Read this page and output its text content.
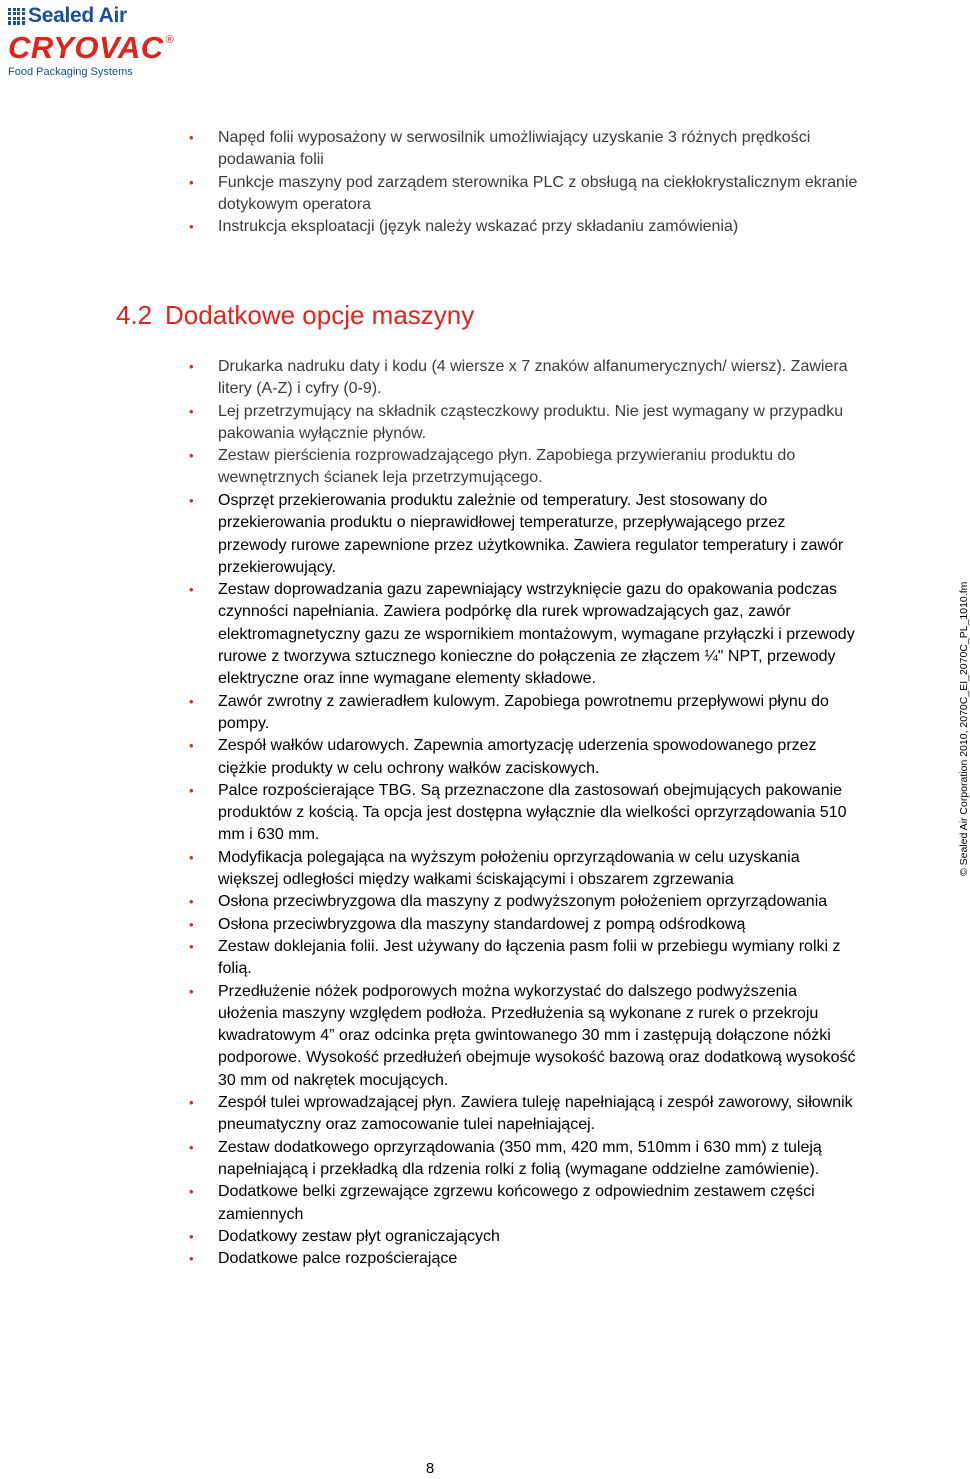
Sealed Air
CRYOVAC ®
Food Packaging Systems
• Napęd folii wyposażony w serwosilnik umożliwiający uzyskanie 3 różnych prędkości podawania folii
• Funkcje maszyny pod zarządem sterownika PLC z obsługą na ciekłokrystalicznym ekranie dotykowym operatora
• Instrukcja eksploatacji (język należy wskazać przy składaniu zamówienia)
4.2 Dodatkowe opcje maszyny
• Drukarka nadruku daty i kodu (4 wiersze x 7 znaków alfanumerycznych/ wiersz). Zawiera litery (A-Z) i cyfry (0-9).
• Lej przetrzymujący na składnik cząsteczkowy produktu. Nie jest wymagany w przypadku pakowania wyłącznie płynów.
• Zestaw pierścienia rozprowadzającego płyn. Zapobiega przywieraniu produktu do wewnętrznych ścianek leja przetrzymującego.
• Osprzęt przekierowania produktu zależnie od temperatury. Jest stosowany do przekierowania produktu o nieprawidłowej temperaturze, przepływającego przez przewody rurowe zapewnione przez użytkownika. Zawiera regulator temperatury i zawór przekierowujący.
• Zestaw doprowadzania gazu zapewniający wstrzyknięcie gazu do opakowania podczas czynności napełniania. Zawiera podpórkę dla rurek wprowadzających gaz, zawór elektromagnetyczny gazu ze wspornikiem montażowym, wymagane przyłączki i przewody rurowe z tworzywa sztucznego konieczne do połączenia ze złączem ¼" NPT, przewody elektryczne oraz inne wymagane elementy składowe.
• Zawór zwrotny z zawieradłem kulowym. Zapobiega powrotnemu przepływowi płynu do pompy.
• Zespół wałków udarowych. Zapewnia amortyzację uderzenia spowodowanego przez ciężkie produkty w celu ochrony wałków zaciskowych.
• Palce rozpościerające TBG. Są przeznaczone dla zastosowań obejmujących pakowanie produktów z kością. Ta opcja jest dostępna wyłącznie dla wielkości oprzyrządowania 510 mm i 630 mm.
• Modyfikacja polegająca na wyższym położeniu oprzyrządowania w celu uzyskania większej odległości między wałkami ściskającymi i obszarem zgrzewania
• Osłona przeciwbryzgowa dla maszyny z podwyższonym położeniem oprzyrządowania
• Osłona przeciwbryzgowa dla maszyny standardowej z pompą odśrodkową
• Zestaw doklejania folii. Jest używany do łączenia pasm folii w przebiegu wymiany rolki z folią.
• Przedłużenie nóżek podporowych można wykorzystać do dalszego podwyższenia ułożenia maszyny względem podłoża. Przedłużenia są wykonane z rurek o przekroju kwadratowym 4” oraz odcinka pręta gwintowanego 30 mm i zastępują dołączone nóżki podporowe. Wysokość przedłużeń obejmuje wysokość bazową oraz dodatkową wysokość 30 mm od nakrętek mocujących.
• Zespół tulei wprowadzającej płyn. Zawiera tuleję napełniającą i zespół zaworowy, siłownik pneumatyczny oraz zamocowanie tulei napełniającej.
• Zestaw dodatkowego oprzyrządowania (350 mm, 420 mm, 510mm i 630 mm) z tuleją napełniającą i przekładką dla rdzenia rolki z folią (wymagane oddzielne zamówienie).
• Dodatkowe belki zgrzewające zgrzewu końcowego z odpowiednim zestawem części zamiennych
• Dodatkowy zestaw płyt ograniczających
• Dodatkowe palce rozpościerające
© Sealed Air Corporation 2010, 2070C_EI_2070C_PL_1010.fm
8
